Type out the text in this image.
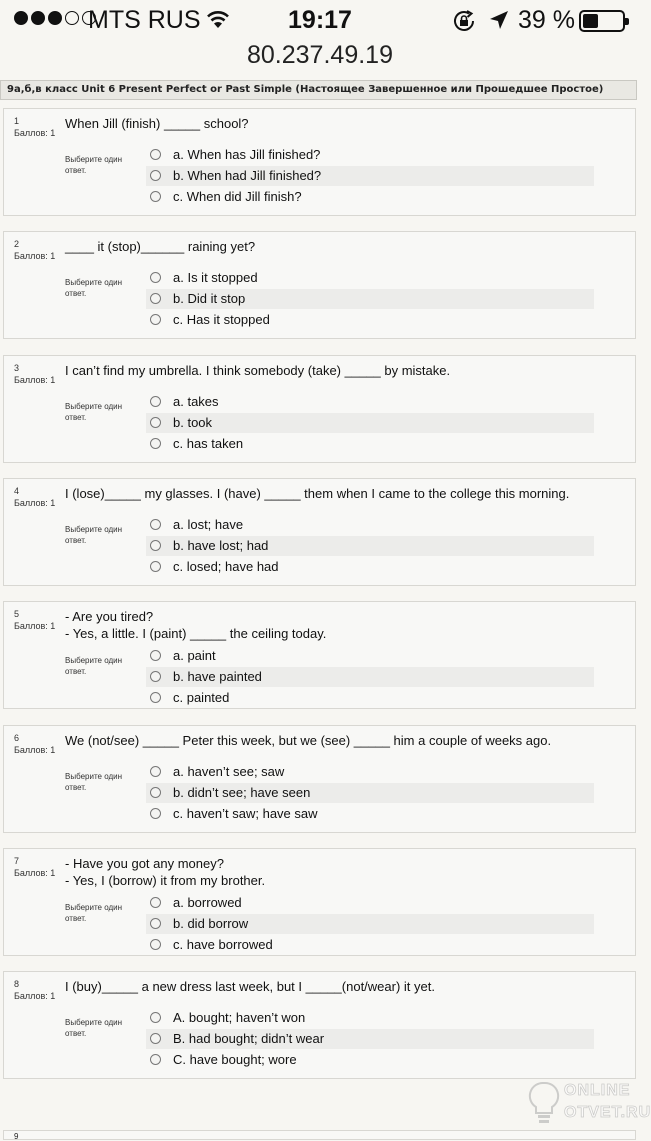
MTS RUS	19:17	39 %
80.237.49.19
9а,б,в класс Unit 6 Present Perfect or Past Simple (Настоящее Завершенное или Прошедшее Простое)
1
Баллов: 1
When Jill (finish) _____ school?
Выберите один ответ.
a. When has Jill finished?
b. When had Jill finished?
c. When did Jill finish?
2
Баллов: 1
____ it (stop)______ raining yet?
Выберите один ответ.
a. Is it stopped
b. Did it stop
c. Has it stopped
3
Баллов: 1
I can’t find my umbrella. I think somebody (take) _____ by mistake.
Выберите один ответ.
a. takes
b. took
c. has taken
4
Баллов: 1
I (lose)_____ my glasses. I (have) _____ them when I came to the college this morning.
Выберите один ответ.
a. lost; have
b. have lost; had
c. losed; have had
5
Баллов: 1
- Are you tired?
- Yes, a little. I (paint) _____ the ceiling today.
Выберите один ответ.
a. paint
b. have painted
c. painted
6
Баллов: 1
We (not/see) _____ Peter this week, but we (see) _____ him a couple of weeks ago.
Выберите один ответ.
a. haven’t see; saw
b. didn’t see; have seen
c. haven’t saw; have saw
7
Баллов: 1
- Have you got any money?
- Yes, I (borrow) it from my brother.
Выберите один ответ.
a. borrowed
b. did borrow
c. have borrowed
8
Баллов: 1
I (buy)_____ a new dress last week, but I _____(not/wear) it yet.
Выберите один ответ.
A. bought; haven’t won
B. had bought; didn’t wear
C. have bought; wore
9
ONLINE
OTVET.RU
